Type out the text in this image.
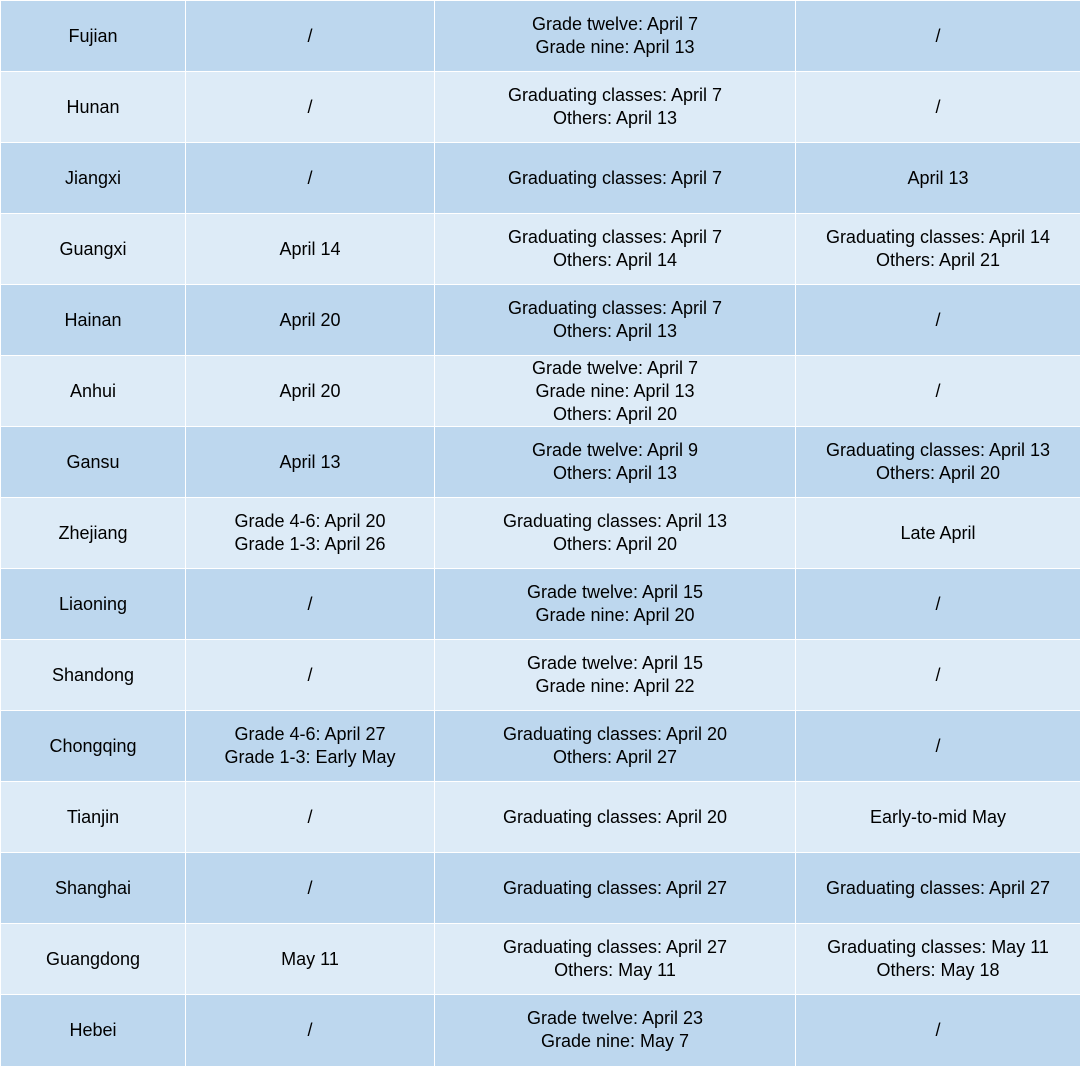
Fujian	/	Grade twelve: April 7
Grade nine: April 13	/

Hunan	/	Graduating classes: April 7
Others: April 13	/

Jiangxi	/	Graduating classes: April 7	April 13

Guangxi	April 14	Graduating classes: April 7
Others: April 14	Graduating classes: April 14
Others: April 21

Hainan	April 20	Graduating classes: April 7
Others: April 13	/

Anhui	April 20	Grade twelve: April 7
Grade nine: April 13
Others: April 20	/

Gansu	April 13	Grade twelve: April 9
Others: April 13	Graduating classes: April 13
Others: April 20

Zhejiang	Grade 4-6: April 20
Grade 1-3: April 26	Graduating classes: April 13
Others: April 20	Late April

Liaoning	/	Grade twelve: April 15
Grade nine: April 20	/

Shandong	/	Grade twelve: April 15
Grade nine: April 22	/

Chongqing	Grade 4-6: April 27
Grade 1-3: Early May	Graduating classes: April 20
Others: April 27	/

Tianjin	/	Graduating classes: April 20	Early-to-mid May

Shanghai	/	Graduating classes: April 27	Graduating classes: April 27

Guangdong	May 11	Graduating classes: April 27
Others: May 11	Graduating classes: May 11
Others: May 18

Hebei	/	Grade twelve: April 23
Grade nine: May 7	/
